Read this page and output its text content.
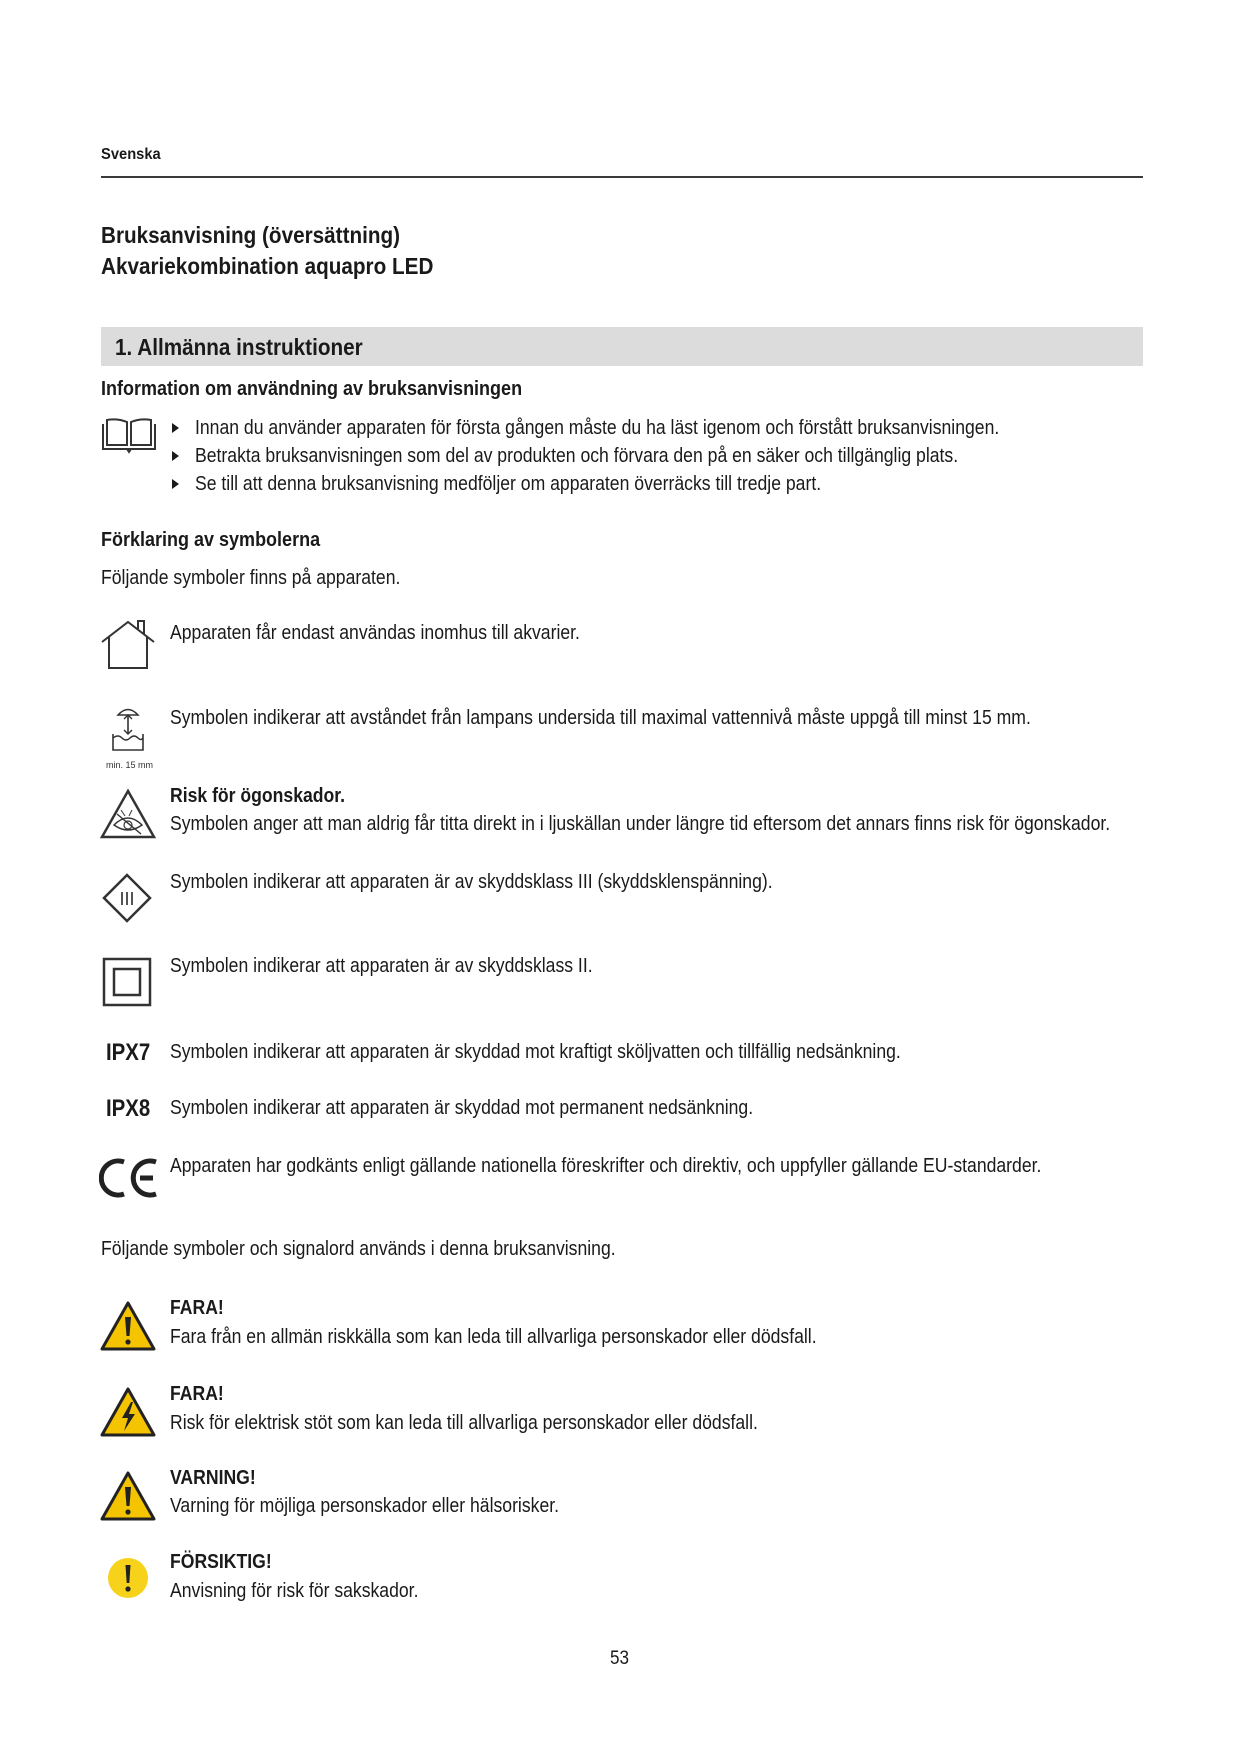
Svenska
Bruksanvisning (översättning)
Akvariekombination aquapro LED
1. Allmänna instruktioner
Information om användning av bruksanvisningen
Innan du använder apparaten för första gången måste du ha läst igenom och förstått bruksanvisningen.
Betrakta bruksanvisningen som del av produkten och förvara den på en säker och tillgänglig plats.
Se till att denna bruksanvisning medföljer om apparaten överräcks till tredje part.
Förklaring av symbolerna
Följande symboler finns på apparaten.
Apparaten får endast användas inomhus till akvarier.
min. 15 mm
Symbolen indikerar att avståndet från lampans undersida till maximal vattennivå måste uppgå till minst 15 mm.
Risk för ögonskador.
Symbolen anger att man aldrig får titta direkt in i ljuskällan under längre tid eftersom det annars finns risk för ögonskador.
III
Symbolen indikerar att apparaten är av skyddsklass III (skyddsklenspänning).
Symbolen indikerar att apparaten är av skyddsklass II.
IPX7 Symbolen indikerar att apparaten är skyddad mot kraftigt sköljvatten och tillfällig nedsänkning.
IPX8 Symbolen indikerar att apparaten är skyddad mot permanent nedsänkning.
Apparaten har godkänts enligt gällande nationella föreskrifter och direktiv, och uppfyller gällande EU-standarder.
Följande symboler och signalord används i denna bruksanvisning.
FARA!
Fara från en allmän riskkälla som kan leda till allvarliga personskador eller dödsfall.
FARA!
Risk för elektrisk stöt som kan leda till allvarliga personskador eller dödsfall.
VARNING!
Varning för möjliga personskador eller hälsorisker.
FÖRSIKTIG!
Anvisning för risk för sakskador.
53
